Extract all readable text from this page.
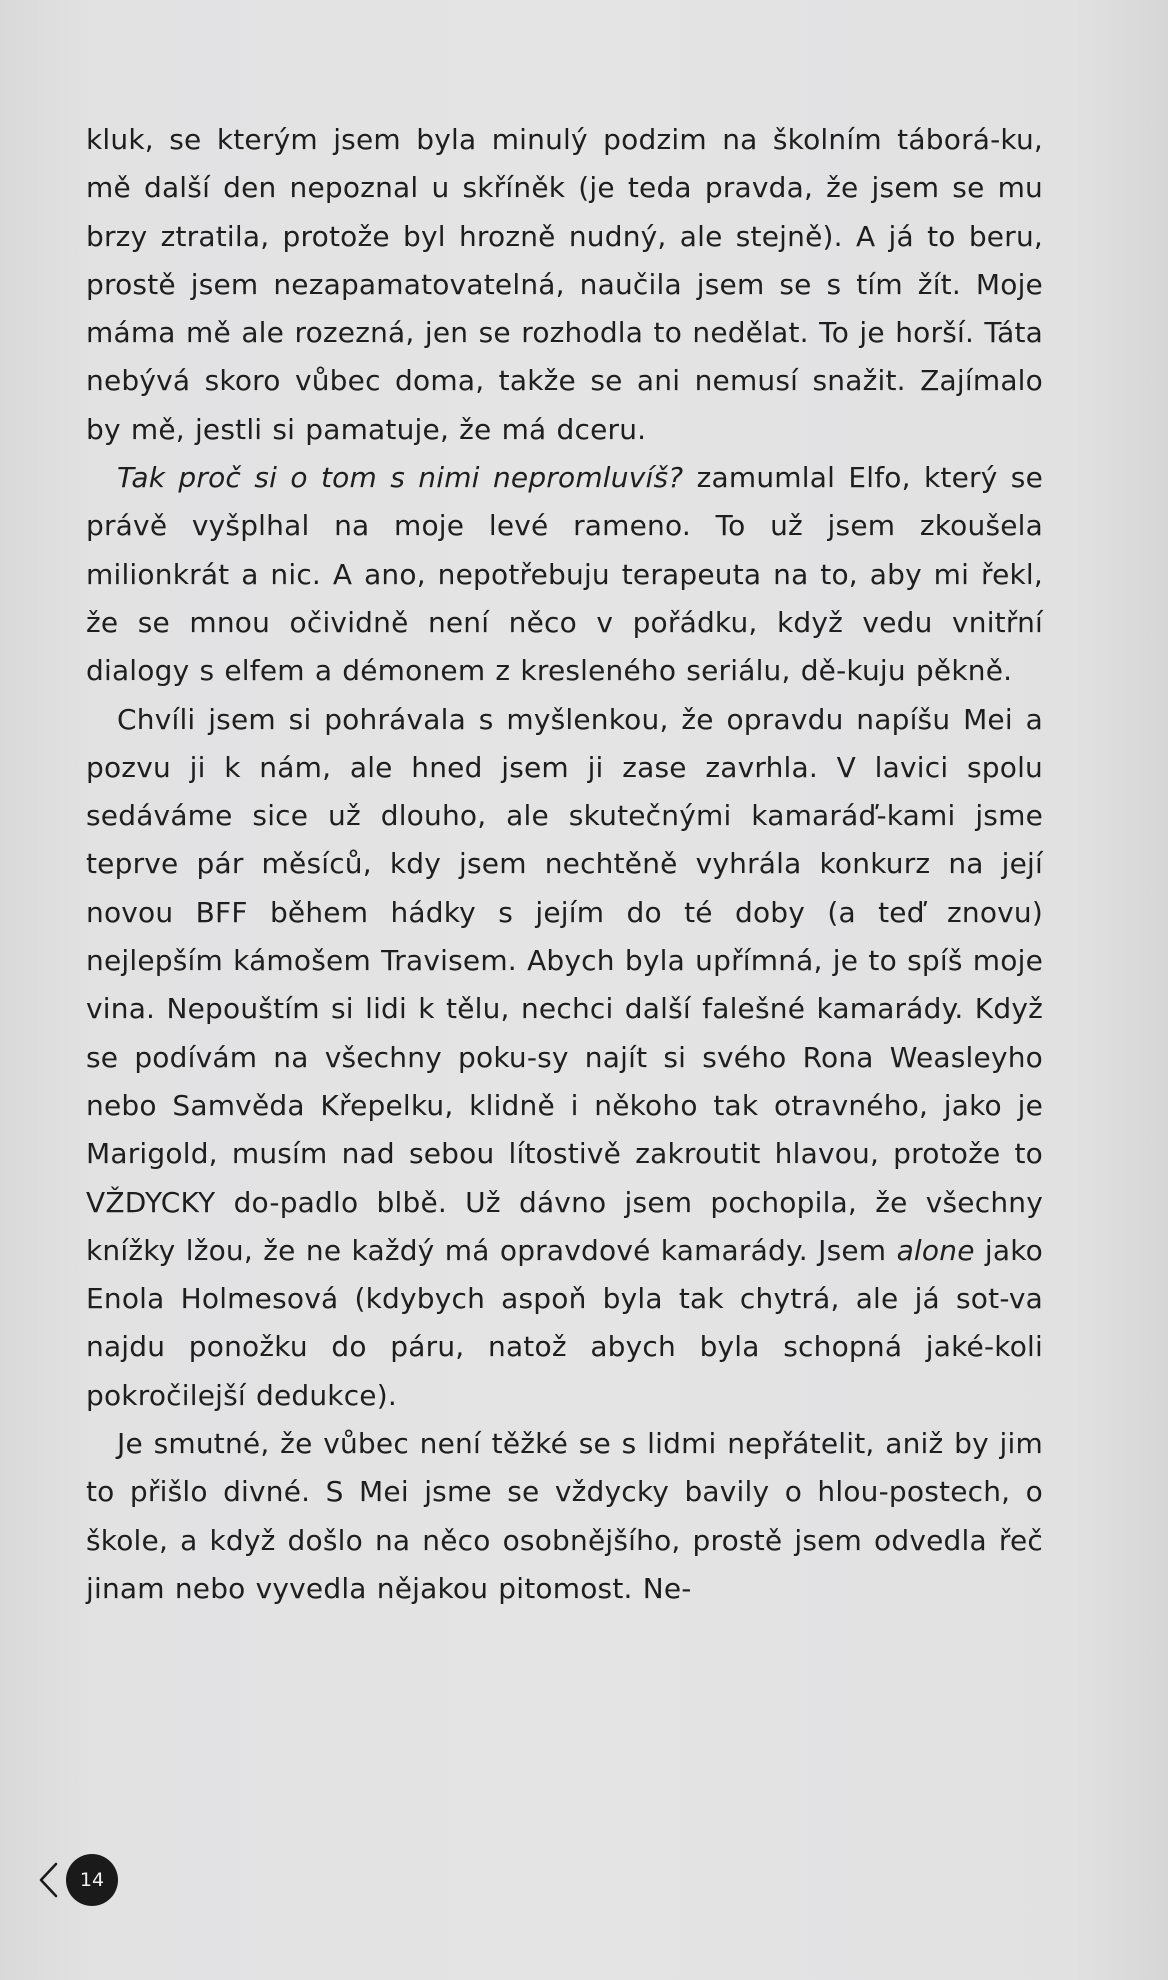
kluk, se kterým jsem byla minulý podzim na školním táborá-ku, mě další den nepoznal u skříněk (je teda pravda, že jsem se mu brzy ztratila, protože byl hrozně nudný, ale stejně). A já to beru, prostě jsem nezapamatovatelná, naučila jsem se s tím žít. Moje máma mě ale rozezná, jen se rozhodla to nedělat. To je horší. Táta nebývá skoro vůbec doma, takže se ani nemusí snažit. Zajímalo by mě, jestli si pamatuje, že má dceru.

Tak proč si o tom s nimi nepromluvíš? zamumlal Elfo, který se právě vyšplhal na moje levé rameno. To už jsem zkoušela milionkrát a nic. A ano, nepotřebuju terapeuta na to, aby mi řekl, že se mnou očividně není něco v pořádku, když vedu vnitřní dialogy s elfem a démonem z kresleného seriálu, dě-kuju pěkně.

Chvíli jsem si pohrávala s myšlenkou, že opravdu napíšu Mei a pozvu ji k nám, ale hned jsem ji zase zavrhla. V lavici spolu sedáváme sice už dlouho, ale skutečnými kamaráď-kami jsme teprve pár měsíců, kdy jsem nechtěně vyhrála konkurz na její novou BFF během hádky s jejím do té doby (a teď znovu) nejlepším kámošem Travisem. Abych byla upřímná, je to spíš moje vina. Nepouštím si lidi k tělu, nechci další falešné kamarády. Když se podívám na všechny poku-sy najít si svého Rona Weasleyho nebo Samvěda Křepelku, klidně i někoho tak otravného, jako je Marigold, musím nad sebou lítostivě zakroutit hlavou, protože to VŽDYCKY do-padlo blbě. Už dávno jsem pochopila, že všechny knížky lžou, že ne každý má opravdové kamarády. Jsem alone jako Enola Holmesová (kdybych aspoň byla tak chytrá, ale já sot-va najdu ponožku do páru, natož abych byla schopná jaké-koli pokročilejší dedukce).

Je smutné, že vůbec není těžké se s lidmi nepřátelit, aniž by jim to přišlo divné. S Mei jsme se vždycky bavily o hlou-postech, o škole, a když došlo na něco osobnějšího, prostě jsem odvedla řeč jinam nebo vyvedla nějakou pitomost. Ne-

14
